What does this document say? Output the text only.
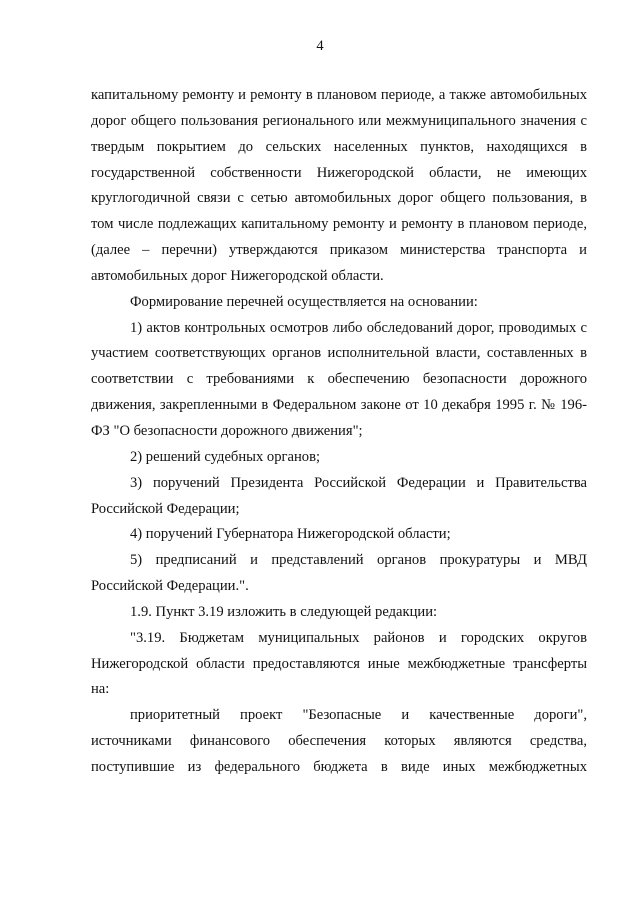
4

капитальному ремонту и ремонту в плановом периоде, а также автомобильных дорог общего пользования регионального или межмуниципального значения с твердым покрытием до сельских населенных пунктов, находящихся в государственной собственности Нижегородской области, не имеющих круглогодичной связи с сетью автомобильных дорог общего пользования, в том числе подлежащих капитальному ремонту и ремонту в плановом периоде, (далее – перечни) утверждаются приказом министерства транспорта и автомобильных дорог Нижегородской области.

Формирование перечней осуществляется на основании:

1) актов контрольных осмотров либо обследований дорог, проводимых с участием соответствующих органов исполнительной власти, составленных в соответствии с требованиями к обеспечению безопасности дорожного движения, закрепленными в Федеральном законе от 10 декабря 1995 г. № 196-ФЗ "О безопасности дорожного движения";

2) решений судебных органов;

3) поручений Президента Российской Федерации и Правительства Российской Федерации;

4) поручений Губернатора Нижегородской области;

5) предписаний и представлений органов прокуратуры и МВД Российской Федерации.".

1.9. Пункт 3.19 изложить в следующей редакции:

"3.19. Бюджетам муниципальных районов и городских округов Нижегородской области предоставляются иные межбюджетные трансферты на:

приоритетный проект "Безопасные и качественные дороги", источниками финансового обеспечения которых являются средства, поступившие из федерального бюджета в виде иных межбюджетных
